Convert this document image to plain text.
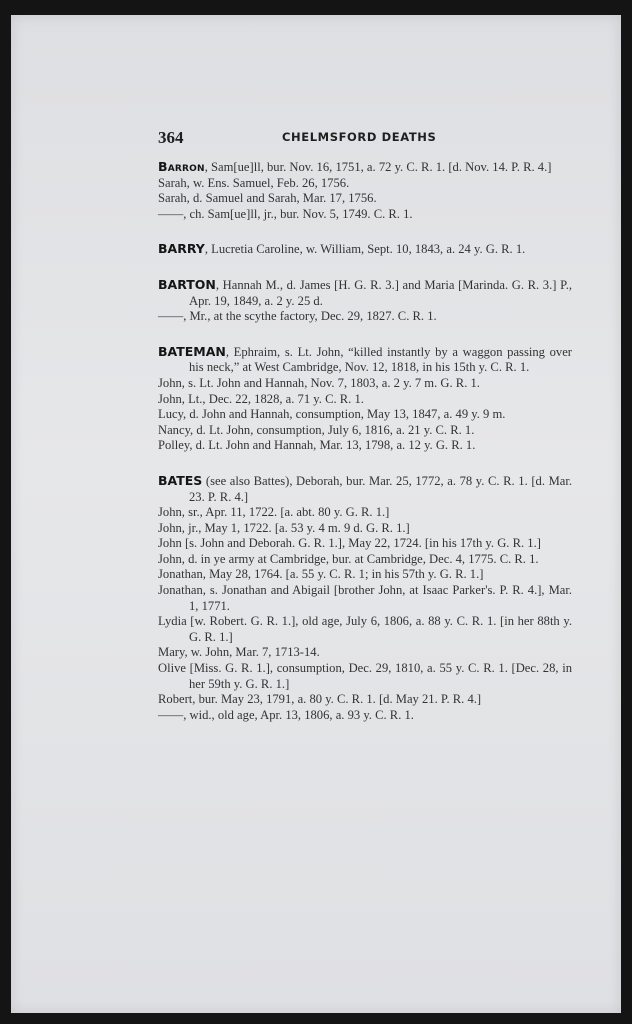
364	CHELMSFORD DEATHS
Barron, Sam[ue]ll, bur. Nov. 16, 1751, a. 72 y. C. R. 1. [d. Nov. 14. P. R. 4.]
Sarah, w. Ens. Samuel, Feb. 26, 1756.
Sarah, d. Samuel and Sarah, Mar. 17, 1756.
——, ch. Sam[ue]ll, jr., bur. Nov. 5, 1749. C. R. 1.
BARRY, Lucretia Caroline, w. William, Sept. 10, 1843, a. 24 y. G. R. 1.
BARTON, Hannah M., d. James [H. G. R. 3.] and Maria [Marinda. G. R. 3.] P., Apr. 19, 1849, a. 2 y. 25 d.
——, Mr., at the scythe factory, Dec. 29, 1827. C. R. 1.
BATEMAN, Ephraim, s. Lt. John, “killed instantly by a waggon passing over his neck,” at West Cambridge, Nov. 12, 1818, in his 15th y. C. R. 1.
John, s. Lt. John and Hannah, Nov. 7, 1803, a. 2 y. 7 m. G. R. 1.
John, Lt., Dec. 22, 1828, a. 71 y. C. R. 1.
Lucy, d. John and Hannah, consumption, May 13, 1847, a. 49 y. 9 m.
Nancy, d. Lt. John, consumption, July 6, 1816, a. 21 y. C. R. 1.
Polley, d. Lt. John and Hannah, Mar. 13, 1798, a. 12 y. G. R. 1.
BATES (see also Battes), Deborah, bur. Mar. 25, 1772, a. 78 y. C. R. 1. [d. Mar. 23. P. R. 4.]
John, sr., Apr. 11, 1722. [a. abt. 80 y. G. R. 1.]
John, jr., May 1, 1722. [a. 53 y. 4 m. 9 d. G. R. 1.]
John [s. John and Deborah. G. R. 1.], May 22, 1724. [in his 17th y. G. R. 1.]
John, d. in ye army at Cambridge, bur. at Cambridge, Dec. 4, 1775. C. R. 1.
Jonathan, May 28, 1764. [a. 55 y. C. R. 1; in his 57th y. G. R. 1.]
Jonathan, s. Jonathan and Abigail [brother John, at Isaac Parker's. P. R. 4.], Mar. 1, 1771.
Lydia [w. Robert. G. R. 1.], old age, July 6, 1806, a. 88 y. C. R. 1. [in her 88th y. G. R. 1.]
Mary, w. John, Mar. 7, 1713-14.
Olive [Miss. G. R. 1.], consumption, Dec. 29, 1810, a. 55 y. C. R. 1. [Dec. 28, in her 59th y. G. R. 1.]
Robert, bur. May 23, 1791, a. 80 y. C. R. 1. [d. May 21. P. R. 4.]
——, wid., old age, Apr. 13, 1806, a. 93 y. C. R. 1.
